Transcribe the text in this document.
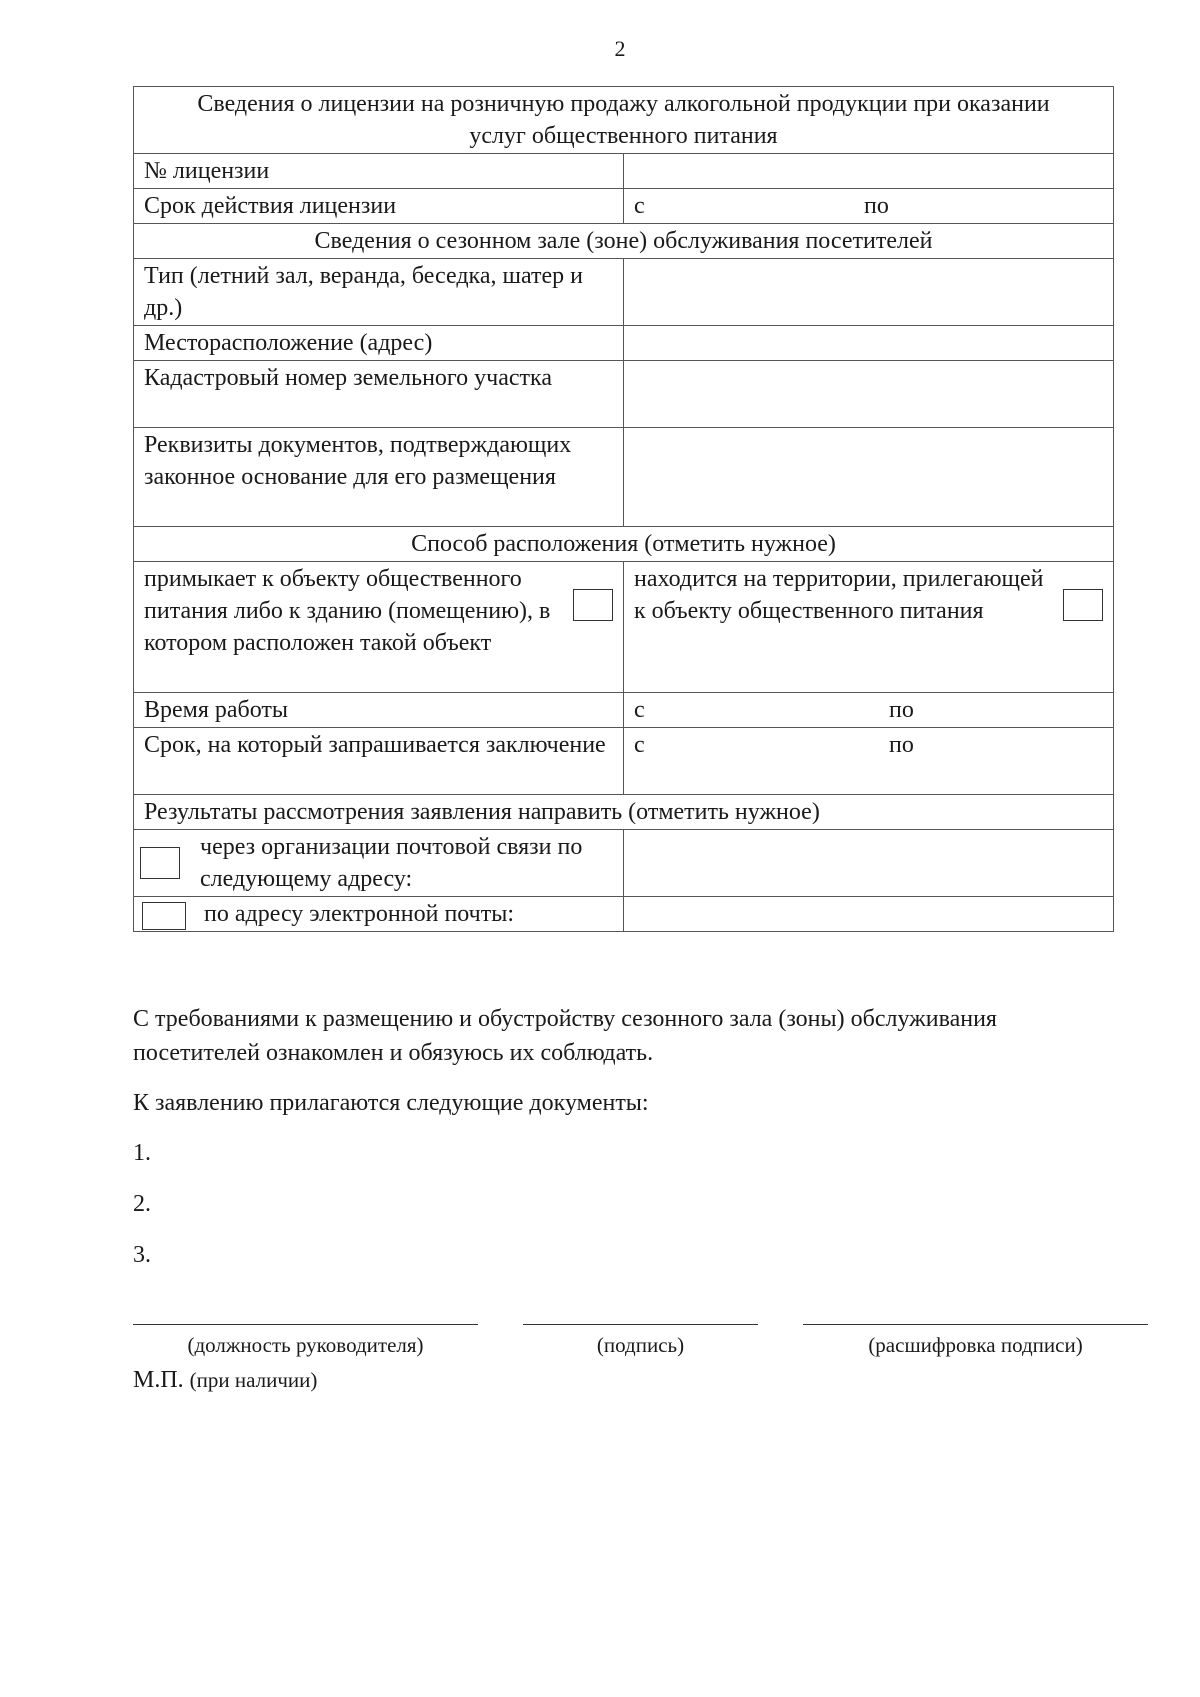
2
Сведения о лицензии на розничную продажу алкогольной продукции при оказании услуг общественного питания	
№ лицензии	
Срок действия лицензии	с по

Сведения о сезонном зале (зоне) обслуживания посетителей	
Тип (летний зал, веранда, беседка, шатер и др.)	
Месторасположение (адрес)	
Кадастровый номер земельного участка	
Реквизиты документов, подтверждающих законное основание для его размещения	
Способ расположения (отметить нужное)	

примыкает к объекту общественного питания либо к зданию (помещению), в котором расположен такой объект	находится на территории, прилегающей к объекту общественного питания

Время работы	с по

Срок, на который запрашивается заключение	с по

Результаты рассмотрения заявления направить (отметить нужное)	

через организации почтовой связи по следующему адресу:	

по адресу электронной почты:	

С требованиями к размещению и обустройству сезонного зала (зоны) обслуживания посетителей ознакомлен и обязуюсь их соблюдать.
К заявлению прилагаются следующие документы:
1.
2.
3.
(должность руководителя)	(подпись)	(расшифровка подписи)
М.П. (при наличии)
